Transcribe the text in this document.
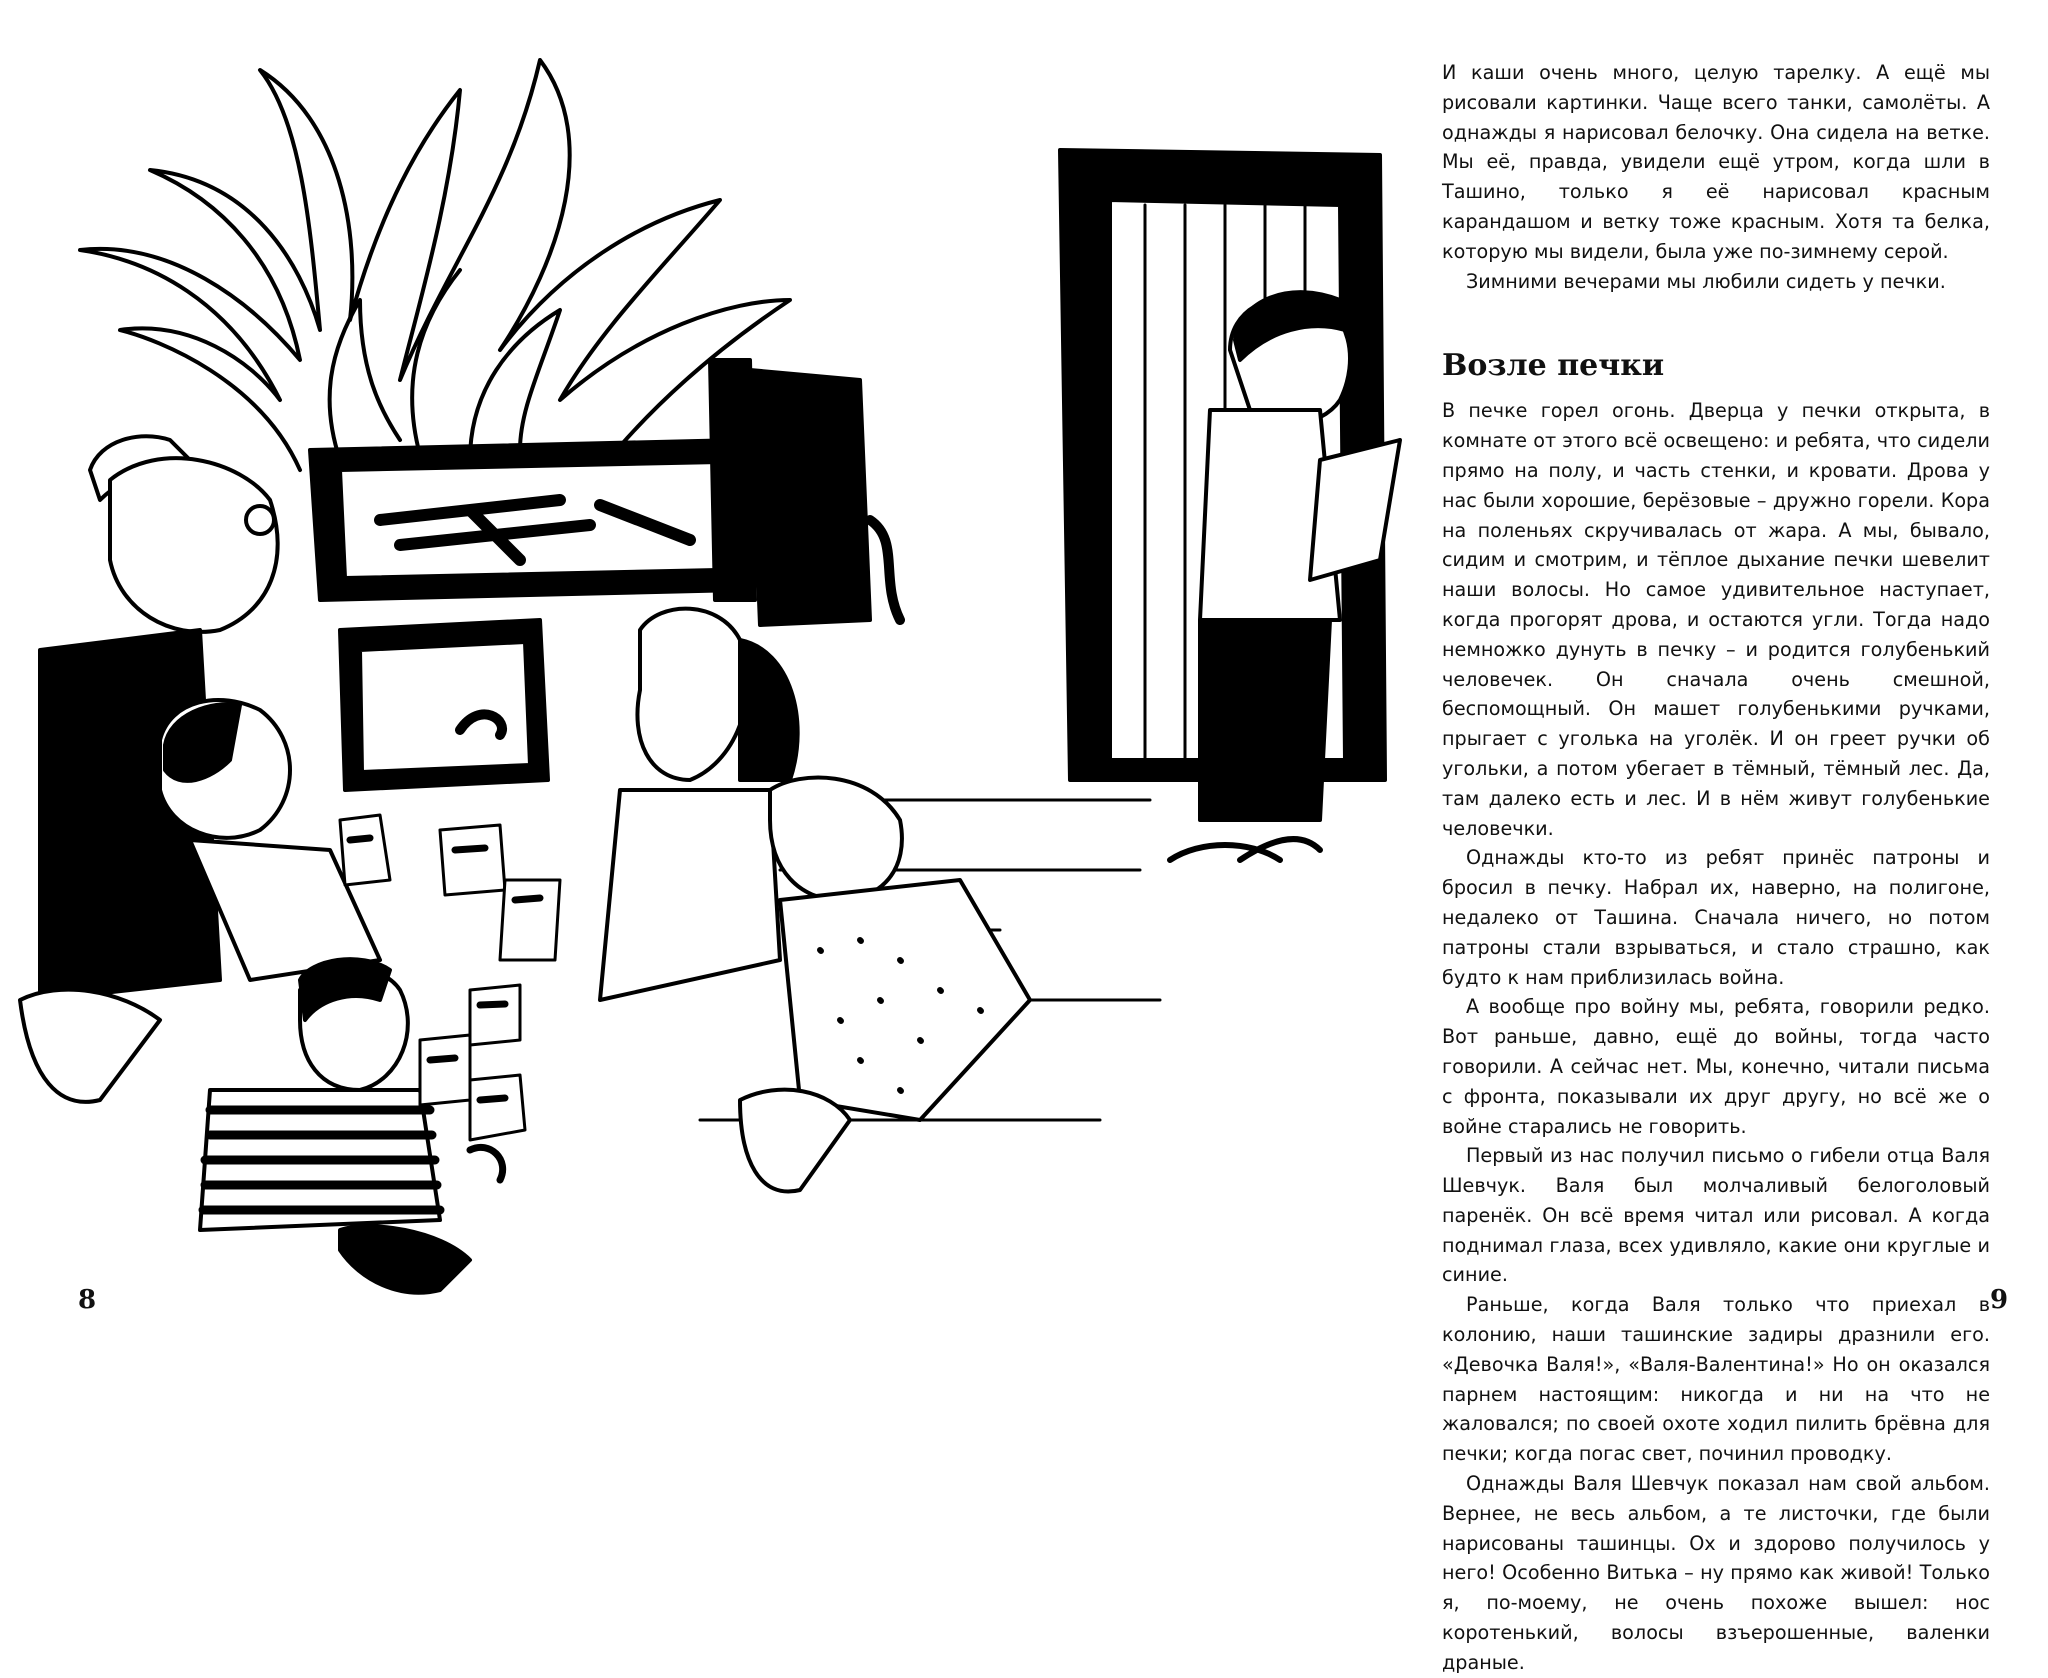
8

И каши очень много, целую тарелку. А ещё мы рисовали картинки. Чаще всего танки, самолёты. А однажды я нарисовал белочку. Она сидела на ветке. Мы её, правда, увидели ещё утром, когда шли в Ташино, только я её нарисовал красным карандашом и ветку тоже красным. Хотя та белка, которую мы видели, была уже по-зимнему серой.

Зимними вечерами мы любили сидеть у печки.

Возле печки

В печке горел огонь. Дверца у печки открыта, в комнате от этого всё освещено: и ребята, что сидели прямо на полу, и часть стенки, и кровати. Дрова у нас были хорошие, берёзовые – дружно горели. Кора на поленьях скручивалась от жара. А мы, бывало, сидим и смотрим, и тёплое дыхание печки шевелит наши волосы. Но самое удивительное наступает, когда прогорят дрова, и остаются угли. Тогда надо немножко дунуть в печку – и родится голубенький человечек. Он сначала очень смешной, беспомощный. Он машет голубенькими ручками, прыгает с уголька на уголёк. И он греет ручки об угольки, а потом убегает в тёмный, тёмный лес. Да, там далеко есть и лес. И в нём живут голубенькие человечки.

Однажды кто-то из ребят принёс патроны и бросил в печку. Набрал их, наверно, на полигоне, недалеко от Ташина. Сначала ничего, но потом патроны стали взрываться, и стало страшно, как будто к нам приблизилась война.

А вообще про войну мы, ребята, говорили редко. Вот раньше, давно, ещё до войны, тогда часто говорили. А сейчас нет. Мы, конечно, читали письма с фронта, показывали их друг другу, но всё же о войне старались не говорить.

Первый из нас получил письмо о гибели отца Валя Шевчук. Валя был молчаливый белоголовый паренёк. Он всё время читал или рисовал. А когда поднимал глаза, всех удивляло, какие они круглые и синие.

Раньше, когда Валя только что приехал в колонию, наши ташинские задиры дразнили его. «Девочка Валя!», «Валя-Валентина!» Но он оказался парнем настоящим: никогда и ни на что не жаловался; по своей охоте ходил пилить брёвна для печки; когда погас свет, починил проводку.

Однажды Валя Шевчук показал нам свой альбом. Вернее, не весь альбом, а те листочки, где были нарисованы ташинцы. Ох и здорово получилось у него! Особенно Витька – ну прямо как живой! Только я, по-моему, не очень похоже вышел: нос коротенький, волосы взъерошенные, валенки драные.

9
